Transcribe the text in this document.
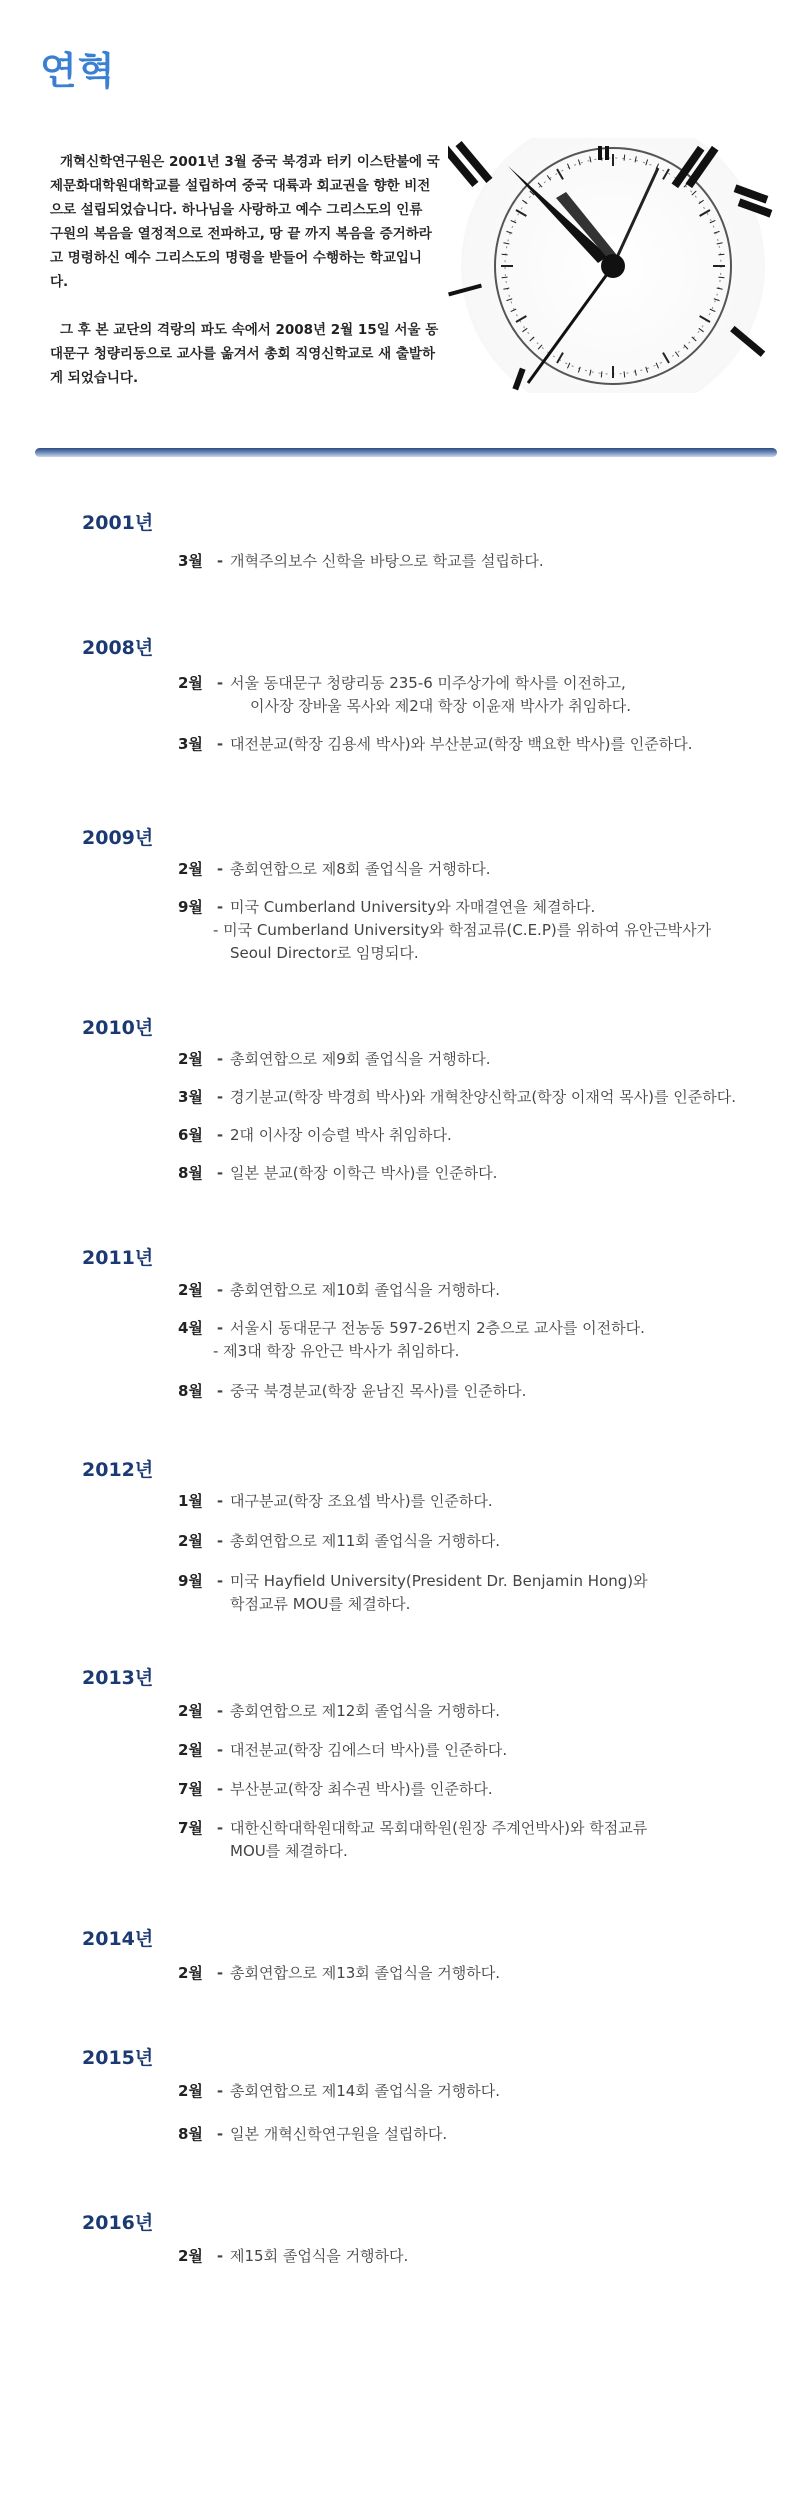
연혁

개혁신학연구원은 2001년 3월 중국 북경과 터키 이스탄불에 국제문화대학원대학교를 설립하여 중국 대륙과 회교권을 향한 비전으로 설립되었습니다. 하나님을 사랑하고 예수 그리스도의 인류 구원의 복음을 열정적으로 전파하고, 땅 끝 까지 복음을 증거하라고 명령하신 예수 그리스도의 명령을 받들어 수행하는 학교입니다.

그 후 본 교단의 격랑의 파도 속에서 2008년 2월 15일 서울 동대문구 청량리동으로 교사를 옮겨서 총회 직영신학교로 새 출발하게 되었습니다.

2001년
3월 - 개혁주의보수 신학을 바탕으로 학교를 설립하다.
2008년
2월 - 서울 동대문구 청량리동 235-6 미주상가에 학사를 이전하고,
이사장 장바울 목사와 제2대 학장 이윤재 박사가 취임하다.
3월 - 대전분교(학장 김용세 박사)와 부산분교(학장 백요한 박사)를 인준하다.
2009년
2월 - 총회연합으로 제8회 졸업식을 거행하다.
9월 - 미국 Cumberland University와 자매결연을 체결하다.
- 미국 Cumberland University와 학점교류(C.E.P)를 위하여 유안근박사가
Seoul Director로 임명되다.
2010년
2월 - 총회연합으로 제9회 졸업식을 거행하다.
3월 - 경기분교(학장 박경희 박사)와 개혁찬양신학교(학장 이재억 목사)를 인준하다.
6월 - 2대 이사장 이승렬 박사 취임하다.
8월 - 일본 분교(학장 이학근 박사)를 인준하다.
2011년
2월 - 총회연합으로 제10회 졸업식을 거행하다.
4월 - 서울시 동대문구 전농동 597-26번지 2층으로 교사를 이전하다.
- 제3대 학장 유안근 박사가 취임하다.
8월 - 중국 북경분교(학장 윤남진 목사)를 인준하다.
2012년
1월 - 대구분교(학장 조요셉 박사)를 인준하다.
2월 - 총회연합으로 제11회 졸업식을 거행하다.
9월 - 미국 Hayfield University(President Dr. Benjamin Hong)와
학점교류 MOU를 체결하다.
2013년
2월 - 총회연합으로 제12회 졸업식을 거행하다.
2월 - 대전분교(학장 김에스더 박사)를 인준하다.
7월 - 부산분교(학장 최수권 박사)를 인준하다.
7월 - 대한신학대학원대학교 목회대학원(원장 주계언박사)와 학점교류
MOU를 체결하다.
2014년
2월 - 총회연합으로 제13회 졸업식을 거행하다.
2015년
2월 - 총회연합으로 제14회 졸업식을 거행하다.
8월 - 일본 개혁신학연구원을 설립하다.
2016년
2월 - 제15회 졸업식을 거행하다.
